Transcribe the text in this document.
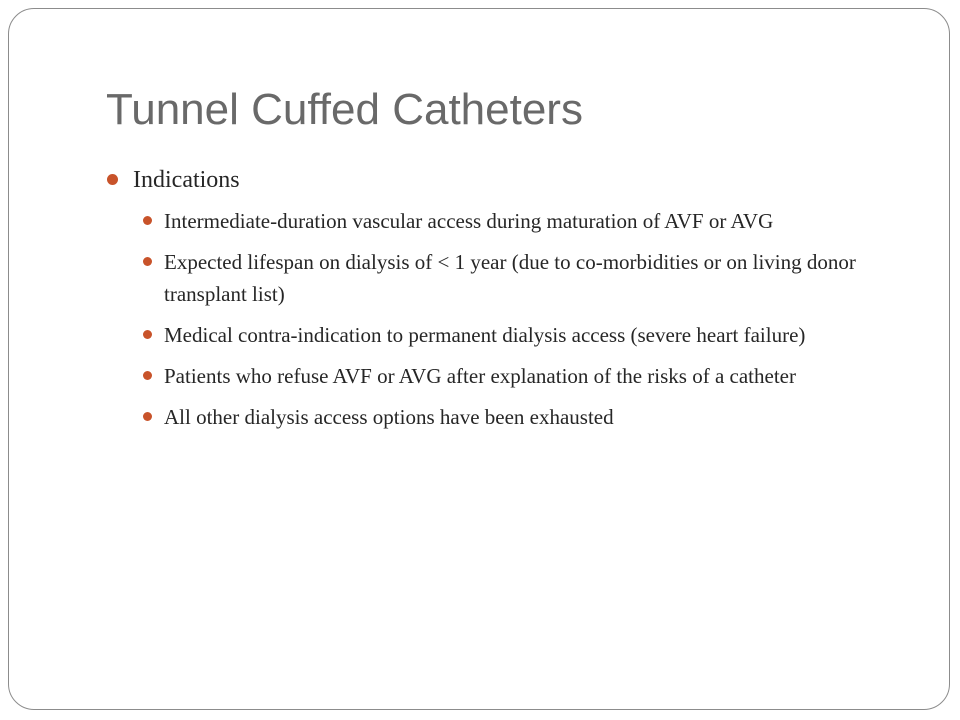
Tunnel Cuffed Catheters
Indications
Intermediate-duration vascular access during maturation of AVF or AVG
Expected lifespan on dialysis of < 1 year (due to co-morbidities or on living donor transplant list)
Medical contra-indication to permanent dialysis access (severe heart failure)
Patients who refuse AVF or AVG after explanation of the risks of a catheter
All other dialysis access options have been exhausted
